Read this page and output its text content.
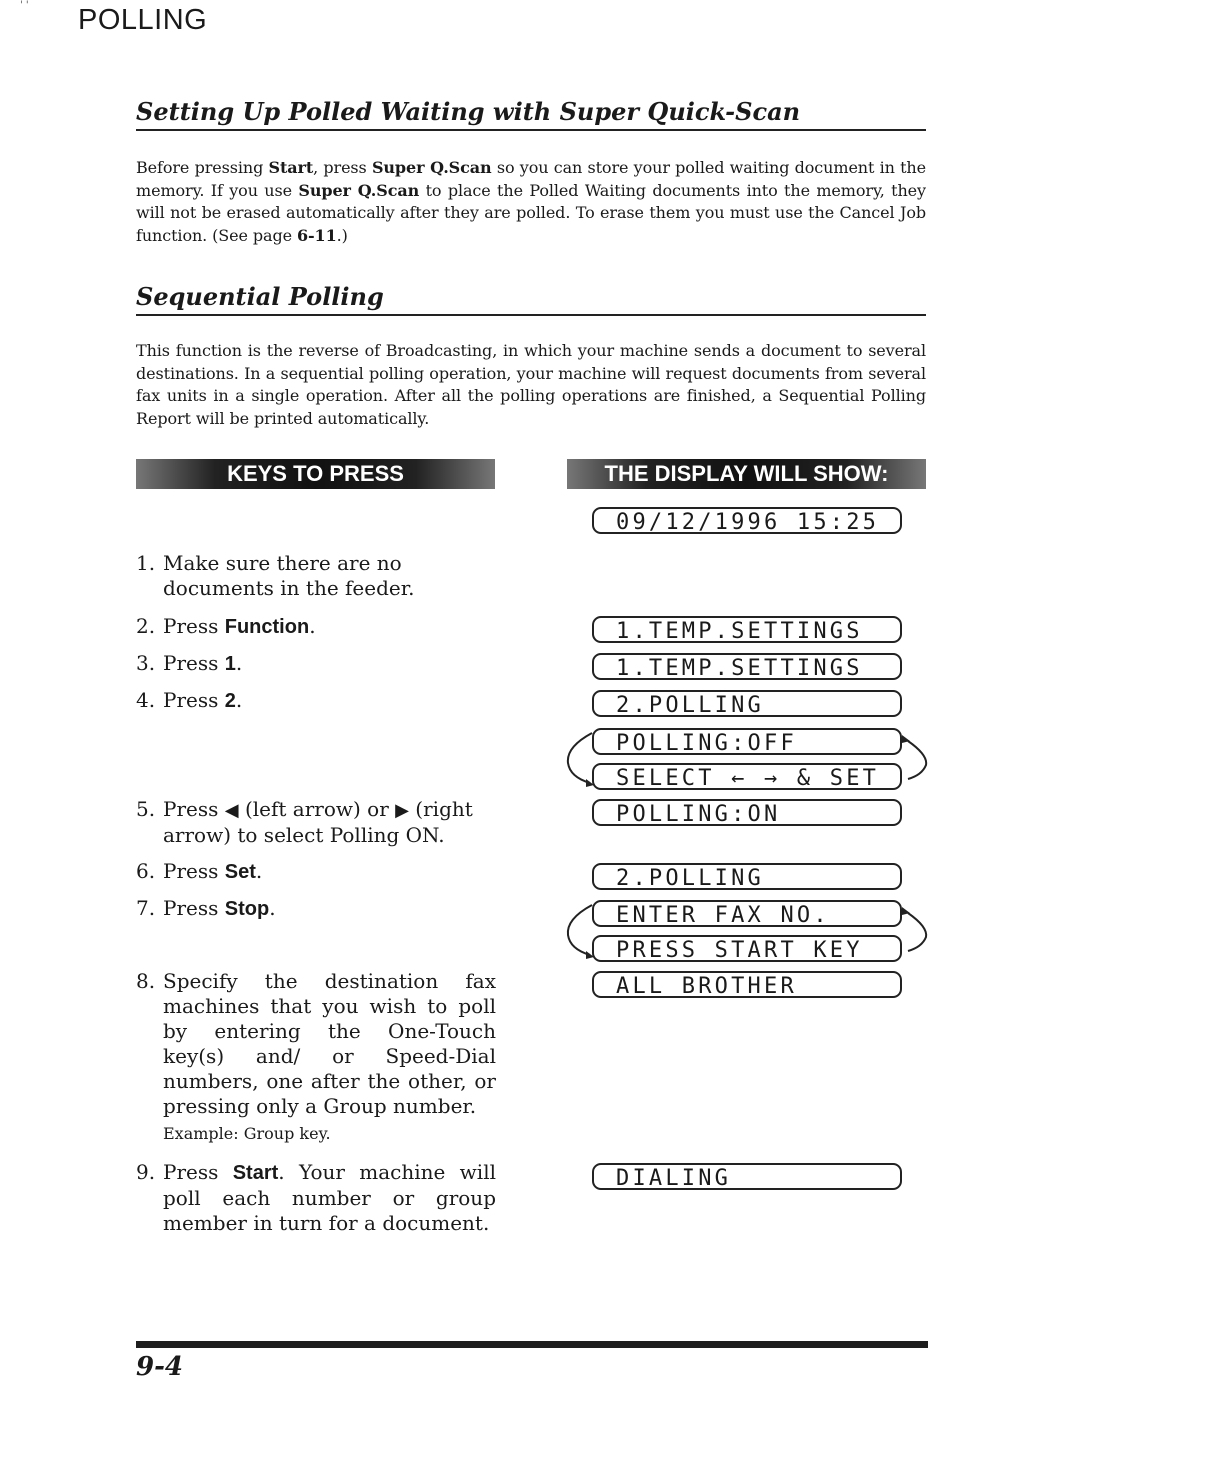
' ' POLLING
Setting Up Polled Waiting with Super Quick-Scan
Before pressing Start, press Super Q.Scan so you can store your polled waiting document in the memory. If you use Super Q.Scan to place the Polled Waiting documents into the memory, they will not be erased automatically after they are polled. To erase them you must use the Cancel Job function. (See page 6-11.)
Sequential Polling
This function is the reverse of Broadcasting, in which your machine sends a document to several destinations. In a sequential polling operation, your machine will request documents from several fax units in a single operation. After all the polling operations are finished, a Sequential Polling Report will be printed automatically.
KEYS TO PRESS	THE DISPLAY WILL SHOW:
1. Make sure there are no documents in the feeder.
2. Press Function.
3. Press 1.
4. Press 2.
5. Press ◀ (left arrow) or ▶ (right arrow) to select Polling ON.
6. Press Set.
7. Press Stop.
8. Specify the destination fax machines that you wish to poll by entering the One-Touch key(s) and/ or Speed-Dial numbers, one after the other, or pressing only a Group number.
Example: Group key.
9. Press Start. Your machine will poll each number or group member in turn for a document.
09/12/1996 15:25
1.TEMP.SETTINGS
1.TEMP.SETTINGS
2.POLLING
POLLING:OFF
SELECT ← → & SET
POLLING:ON
2.POLLING
ENTER FAX NO.
PRESS START KEY
ALL BROTHER
DIALING
9-4
